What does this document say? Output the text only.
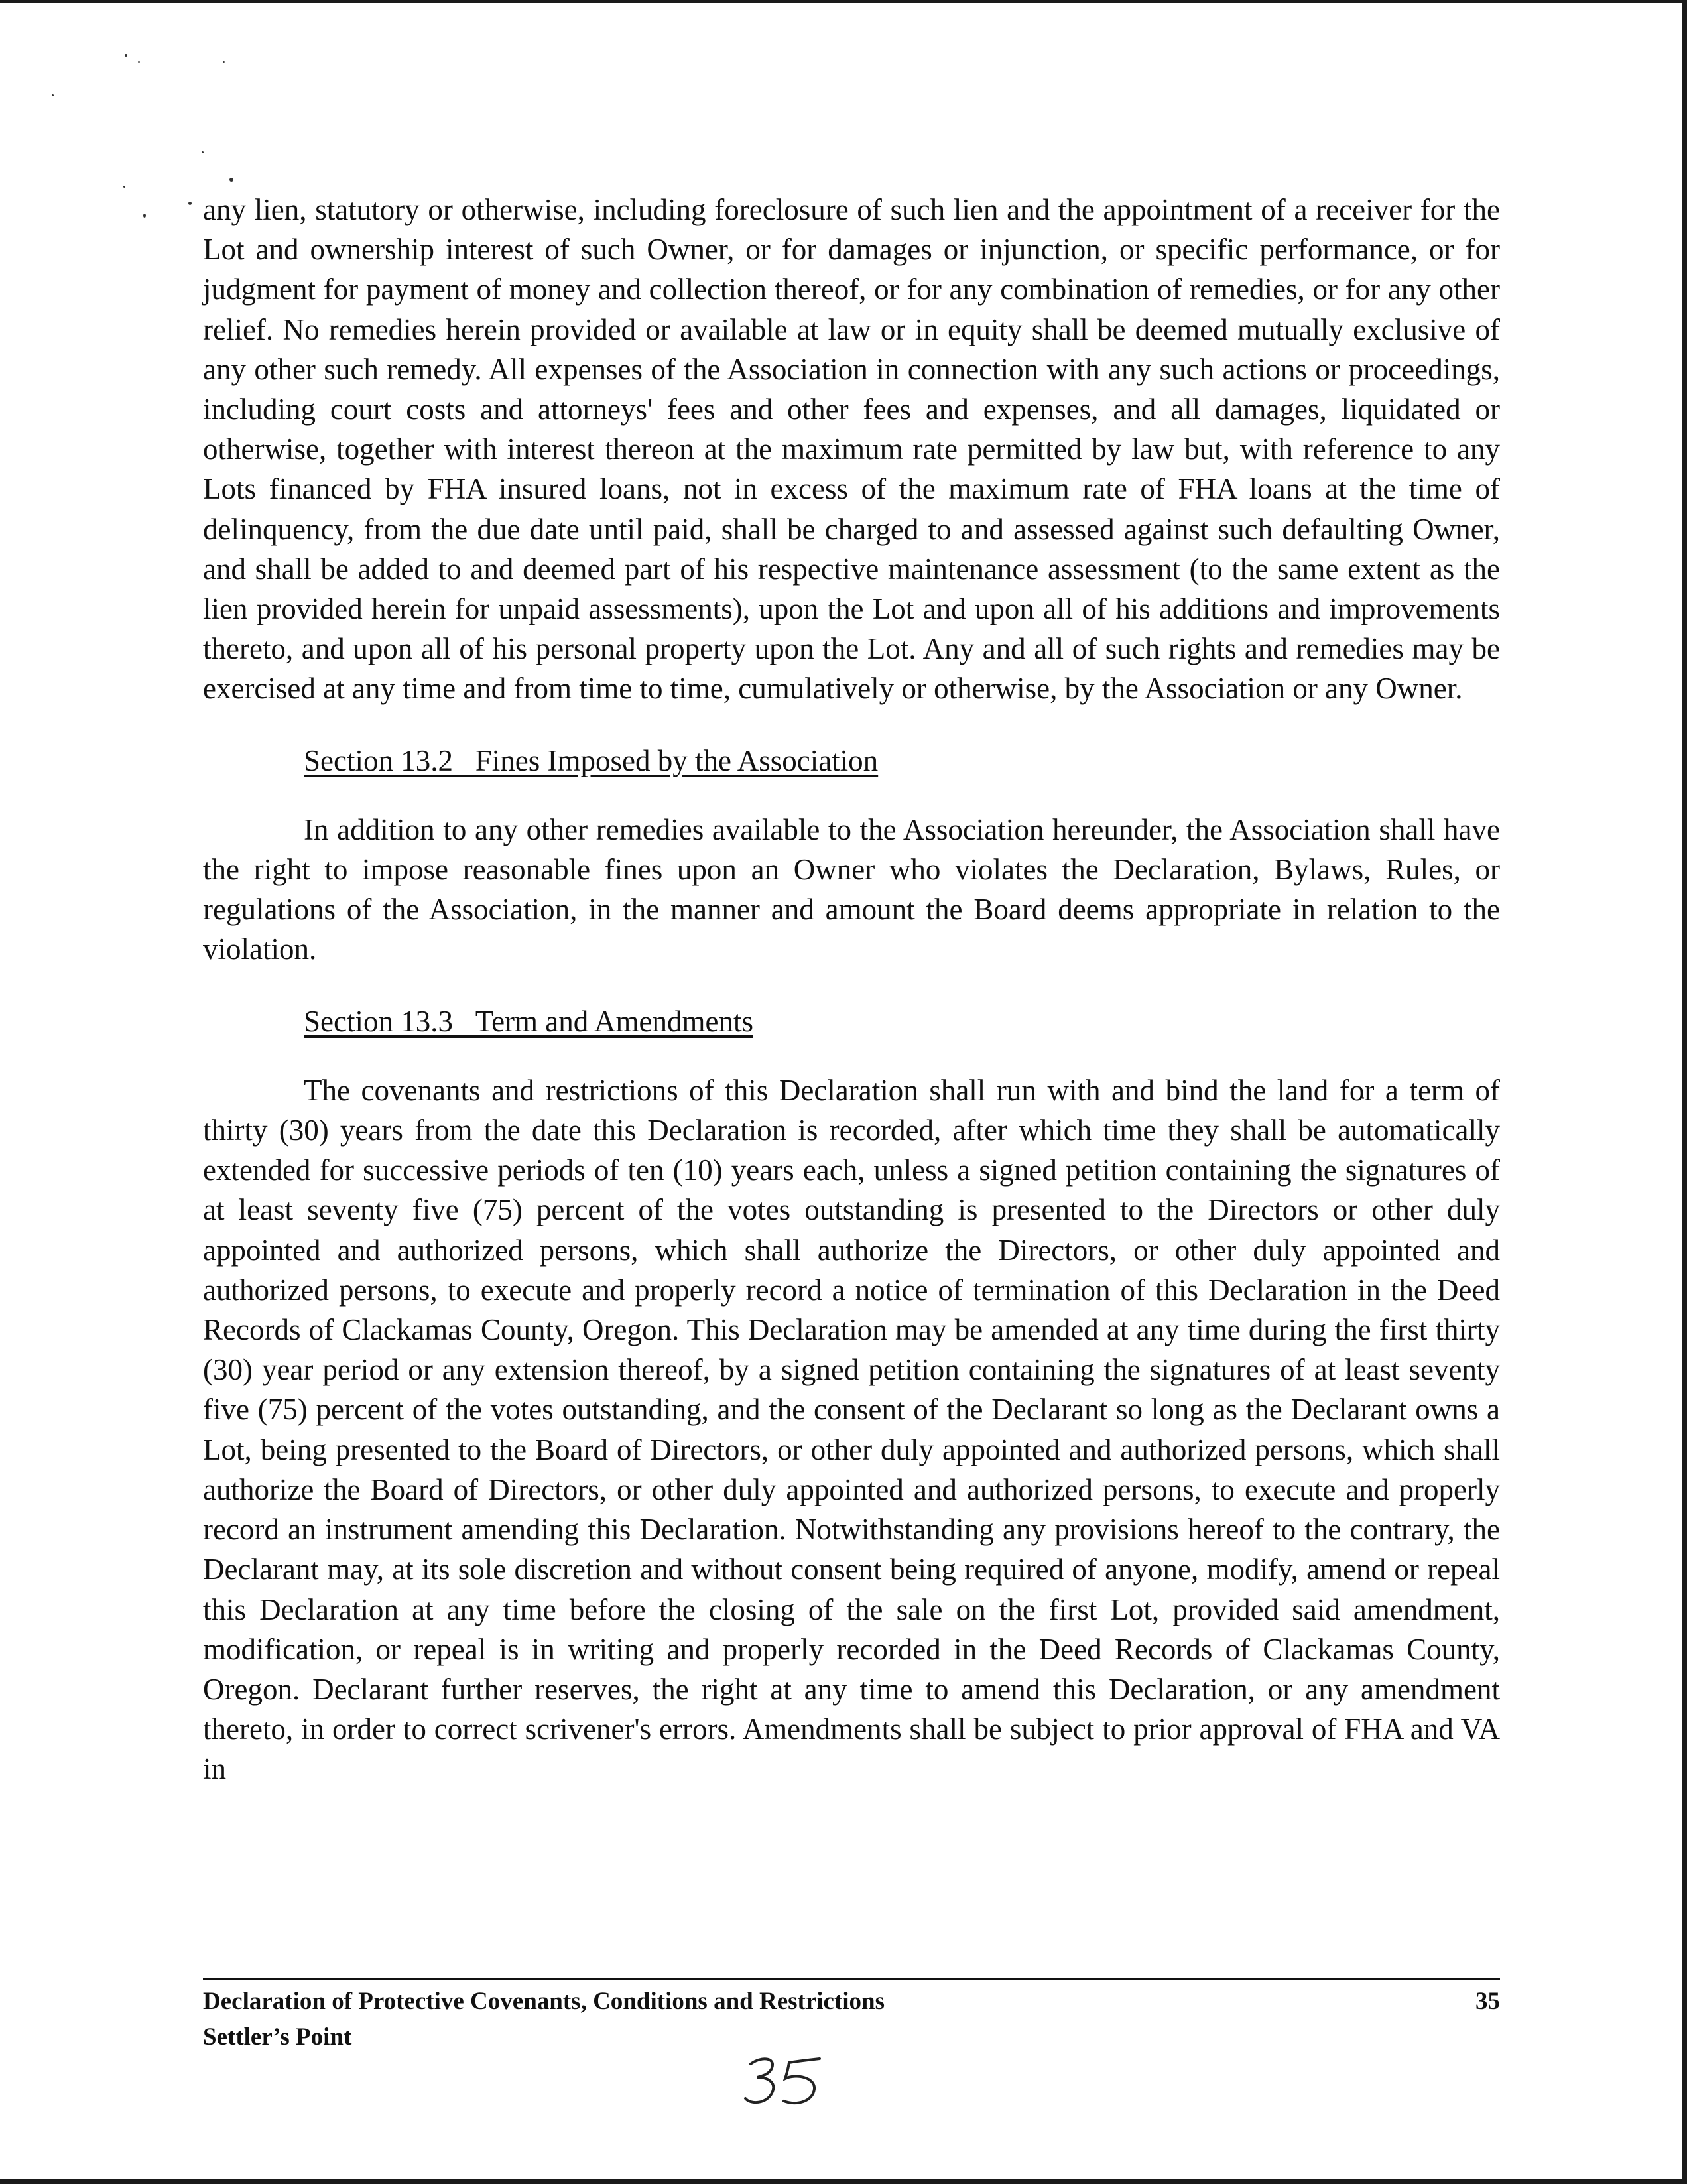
any lien, statutory or otherwise, including foreclosure of such lien and the appointment of a receiver for the Lot and ownership interest of such Owner, or for damages or injunction, or specific performance, or for judgment for payment of money and collection thereof, or for any combination of remedies, or for any other relief. No remedies herein provided or available at law or in equity shall be deemed mutually exclusive of any other such remedy. All expenses of the Association in connection with any such actions or proceedings, including court costs and attorneys' fees and other fees and expenses, and all damages, liquidated or otherwise, together with interest thereon at the maximum rate permitted by law but, with reference to any Lots financed by FHA insured loans, not in excess of the maximum rate of FHA loans at the time of delinquency, from the due date until paid, shall be charged to and assessed against such defaulting Owner, and shall be added to and deemed part of his respective maintenance assessment (to the same extent as the lien provided herein for unpaid assessments), upon the Lot and upon all of his additions and improvements thereto, and upon all of his personal property upon the Lot. Any and all of such rights and remedies may be exercised at any time and from time to time, cumulatively or otherwise, by the Association or any Owner.

Section 13.2   Fines Imposed by the Association

In addition to any other remedies available to the Association hereunder, the Association shall have the right to impose reasonable fines upon an Owner who violates the Declaration, Bylaws, Rules, or regulations of the Association, in the manner and amount the Board deems appropriate in relation to the violation.

Section 13.3   Term and Amendments

The covenants and restrictions of this Declaration shall run with and bind the land for a term of thirty (30) years from the date this Declaration is recorded, after which time they shall be automatically extended for successive periods of ten (10) years each, unless a signed petition containing the signatures of at least seventy five (75) percent of the votes outstanding is presented to the Directors or other duly appointed and authorized persons, which shall authorize the Directors, or other duly appointed and authorized persons, to execute and properly record a notice of termination of this Declaration in the Deed Records of Clackamas County, Oregon. This Declaration may be amended at any time during the first thirty (30) year period or any extension thereof, by a signed petition containing the signatures of at least seventy five (75) percent of the votes outstanding, and the consent of the Declarant so long as the Declarant owns a Lot, being presented to the Board of Directors, or other duly appointed and authorized persons, which shall authorize the Board of Directors, or other duly appointed and authorized persons, to execute and properly record an instrument amending this Declaration. Notwithstanding any provisions hereof to the contrary, the Declarant may, at its sole discretion and without consent being required of anyone, modify, amend or repeal this Declaration at any time before the closing of the sale on the first Lot, provided said amendment, modification, or repeal is in writing and properly recorded in the Deed Records of Clackamas County, Oregon. Declarant further reserves, the right at any time to amend this Declaration, or any amendment thereto, in order to correct scrivener's errors. Amendments shall be subject to prior approval of FHA and VA in

Declaration of Protective Covenants, Conditions and Restrictions
Settler’s Point
35
